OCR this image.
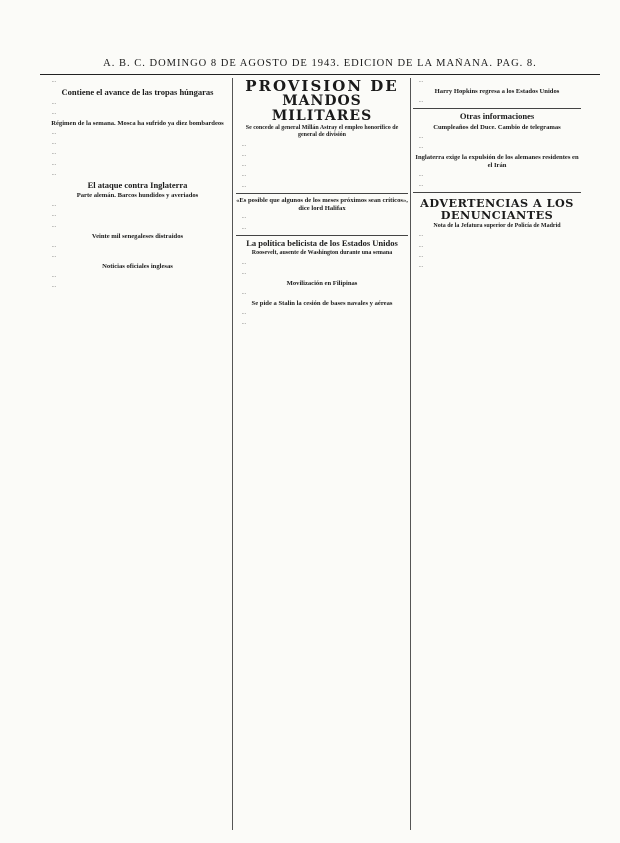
A. B. C. DOMINGO 8 DE AGOSTO DE 1943. EDICION DE LA MAÑANA. PAG. 8.

...

Contiene el avance de las tropas húngaras

...

...

Régimen de la semana. Mosca ha sufrido ya diez bombardeos

...

...

...

...

...

El ataque contra Inglaterra
Parte alemán. Barcos hundidos y averiados

...

...

...

Veinte mil senegaleses distraidos

...

...

Noticias oficiales inglesas

...

...

PROVISION DE
MANDOS MILITARES
Se concede al general Millán Astray el empleo honorífico de general de división

...

...

...

...

...

«Es posible que algunos de los meses próximos sean críticos», dice lord Halifax

...

...

La política belicista de los Estados Unidos
Roosevelt, ausente de Washington durante una semana

...

...

Movilización en Filipinas

...

Se pide a Stalin la cesión de bases navales y aéreas

...

...

...

Harry Hopkins regresa a los Estados Unidos

...

Otras informaciones
Cumpleaños del Duce. Cambio de telegramas

...

...

Inglaterra exige la expulsión de los alemanes residentes en el Irán

...

...

ADVERTENCIAS A LOS DENUNCIANTES
Nota de la Jefatura superior de Policía de Madrid

...

...

...

...
